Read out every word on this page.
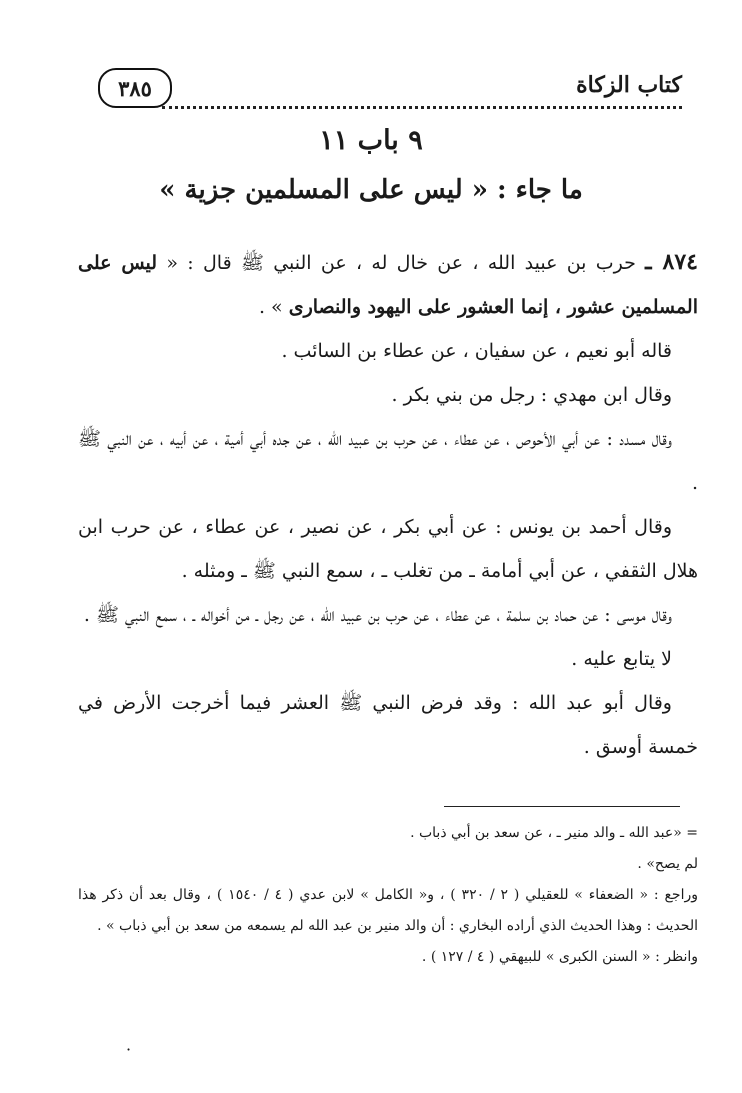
٣٨٥	كتاب الزكاة
٩ باب ١١
ما جاء : « ليس على المسلمين جزية »

٨٧٤ ـ حرب بن عبيد الله ، عن خال له ، عن النبي ﷺ قال : « ليس على المسلمين عشور ، إنما العشور على اليهود والنصارى » .

قاله أبو نعيم ، عن سفيان ، عن عطاء بن السائب .

وقال ابن مهدي : رجل من بني بكر .

وقال مسدد : عن أبي الأحوص ، عن عطاء ، عن حرب بن عبيد الله ، عن جده أبي أمية ، عن أبيه ، عن النبي ﷺ .

وقال أحمد بن يونس : عن أبي بكر ، عن نصير ، عن عطاء ، عن حرب ابن هلال الثقفي ، عن أبي أمامة ـ من تغلب ـ ، سمع النبي ﷺ ـ ومثله .

وقال موسى : عن حماد بن سلمة ، عن عطاء ، عن حرب بن عبيد الله ، عن رجل ـ من أخواله ـ ، سمع النبي ﷺ .

لا يتابع عليه .

وقال أبو عبد الله : وقد فرض النبي ﷺ العشر فيما أخرجت الأرض في خمسة أوسق .

= «عبد الله ـ والد منير ـ ، عن سعد بن أبي ذباب .

لم يصح» .

وراجع : « الضعفاء » للعقيلي ( ٢ / ٣٢٠ ) ، و« الكامل » لابن عدي ( ٤ / ١٥٤٠ ) ، وقال بعد أن ذكر هذا الحديث : وهذا الحديث الذي أراده البخاري : أن والد منير بن عبد الله لم يسمعه من سعد بن أبي ذباب » .

وانظر : « السنن الكبرى » للبيهقي ( ٤ / ١٢٧ ) .

·
